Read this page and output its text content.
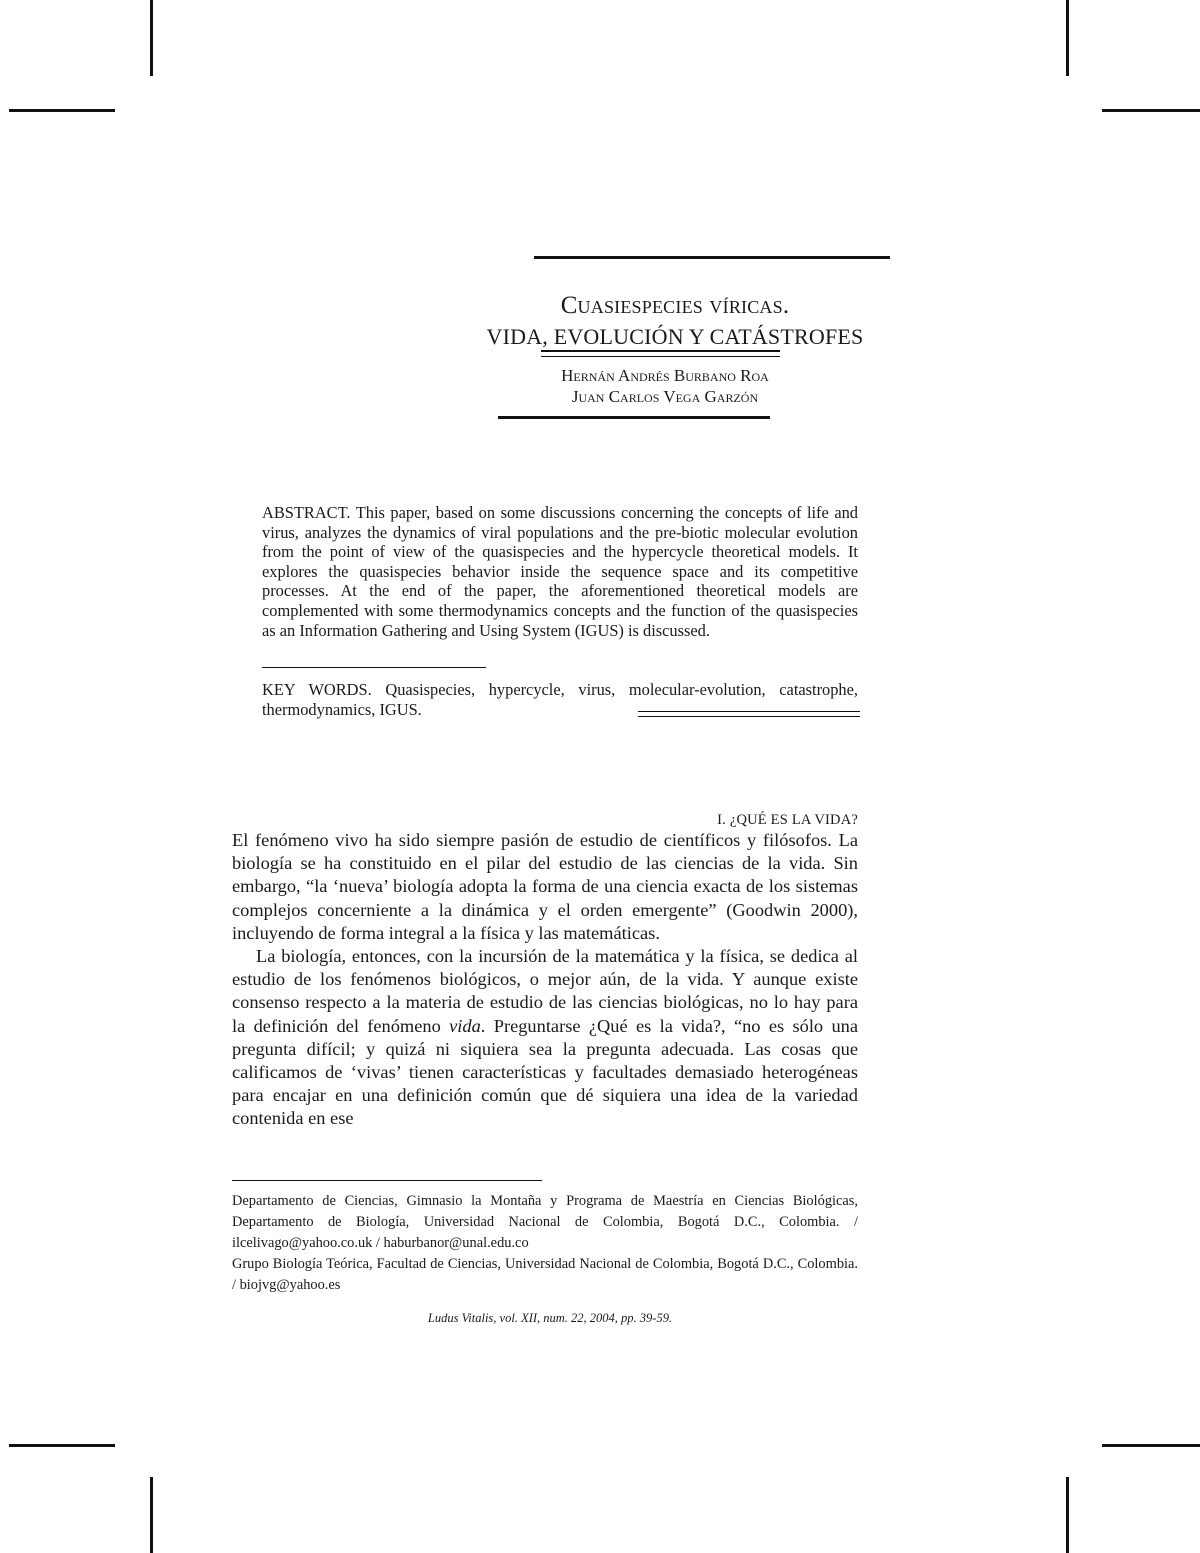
Cuasiespecies víricas.
VIDA, EVOLUCIÓN Y CATÁSTROFES
Hernán Andrés Burbano Roa
Juan Carlos Vega Garzón
ABSTRACT. This paper, based on some discussions concerning the concepts of life and virus, analyzes the dynamics of viral populations and the pre-biotic molecular evolution from the point of view of the quasispecies and the hypercycle theoretical models. It explores the quasispecies behavior inside the sequence space and its competitive processes. At the end of the paper, the aforementioned theoretical models are complemented with some thermodynamics concepts and the function of the quasispecies as an Information Gathering and Using System (IGUS) is discussed.
KEY WORDS. Quasispecies, hypercycle, virus, molecular-evolution, catastrophe, thermodynamics, IGUS.
I. ¿QUÉ ES LA VIDA?

El fenómeno vivo ha sido siempre pasión de estudio de científicos y filósofos. La biología se ha constituido en el pilar del estudio de las ciencias de la vida. Sin embargo, “la ‘nueva’ biología adopta la forma de una ciencia exacta de los sistemas complejos concerniente a la dinámica y el orden emergente” (Goodwin 2000), incluyendo de forma integral a la física y las matemáticas.

La biología, entonces, con la incursión de la matemática y la física, se dedica al estudio de los fenómenos biológicos, o mejor aún, de la vida. Y aunque existe consenso respecto a la materia de estudio de las ciencias biológicas, no lo hay para la definición del fenómeno vida. Preguntarse ¿Qué es la vida?, “no es sólo una pregunta difícil; y quizá ni siquiera sea la pregunta adecuada. Las cosas que calificamos de ‘vivas’ tienen características y facultades demasiado heterogéneas para encajar en una definición común que dé siquiera una idea de la variedad contenida en ese

Departamento de Ciencias, Gimnasio la Montaña y Programa de Maestría en Ciencias Biológicas, Departamento de Biología, Universidad Nacional de Colombia, Bogotá D.C., Colombia. / ilcelivago@yahoo.co.uk / haburbanor@unal.edu.co

Grupo Biología Teórica, Facultad de Ciencias, Universidad Nacional de Colombia, Bogotá D.C., Colombia. / biojvg@yahoo.es

Ludus Vitalis, vol. XII, num. 22, 2004, pp. 39-59.
